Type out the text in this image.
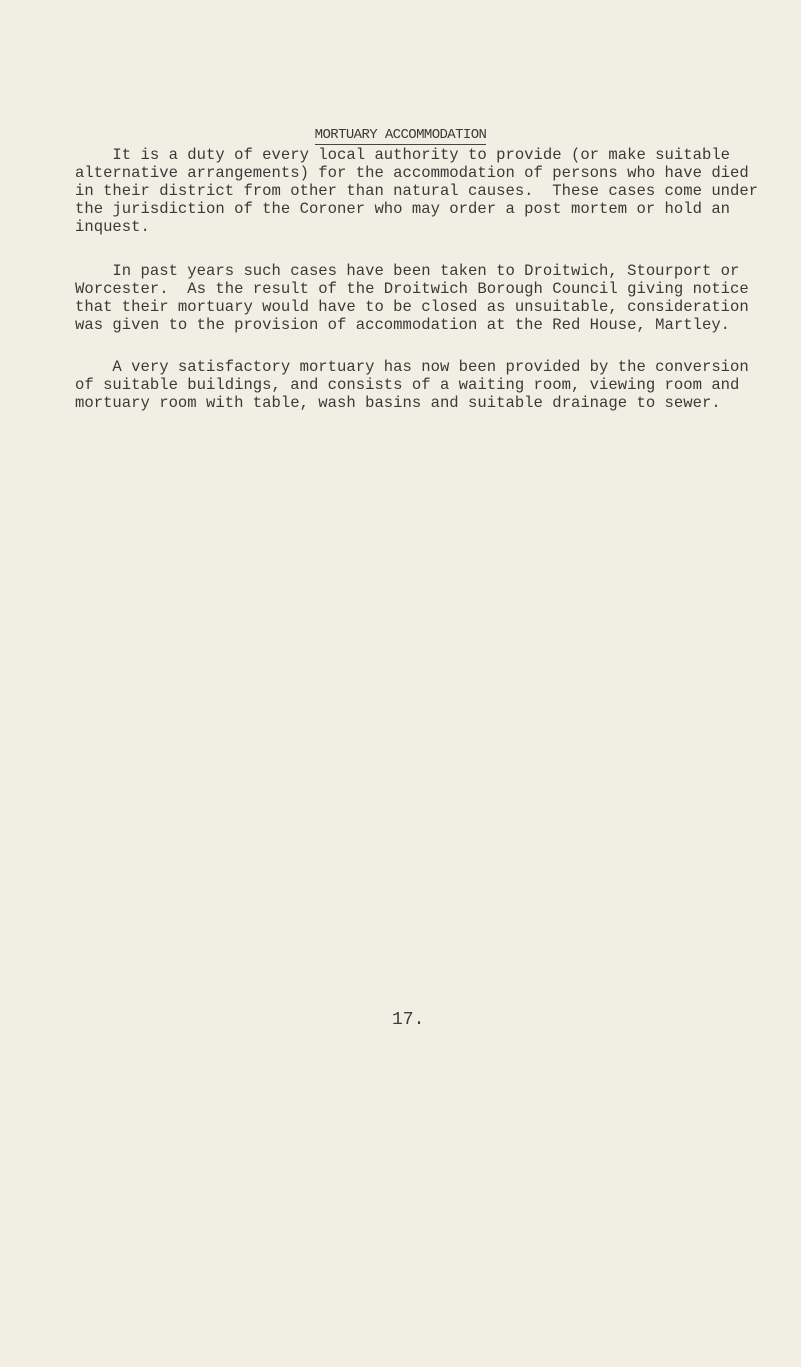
MORTUARY ACCOMMODATION
It is a duty of every local authority to provide (or make suitable
alternative arrangements) for the accommodation of persons who have died
in their district from other than natural causes.  These cases come under
the jurisdiction of the Coroner who may order a post mortem or hold an
inquest.
In past years such cases have been taken to Droitwich, Stourport or
Worcester.  As the result of the Droitwich Borough Council giving notice
that their mortuary would have to be closed as unsuitable, consideration
was given to the provision of accommodation at the Red House, Martley.
A very satisfactory mortuary has now been provided by the conversion
of suitable buildings, and consists of a waiting room, viewing room and
mortuary room with table, wash basins and suitable drainage to sewer.
17.
